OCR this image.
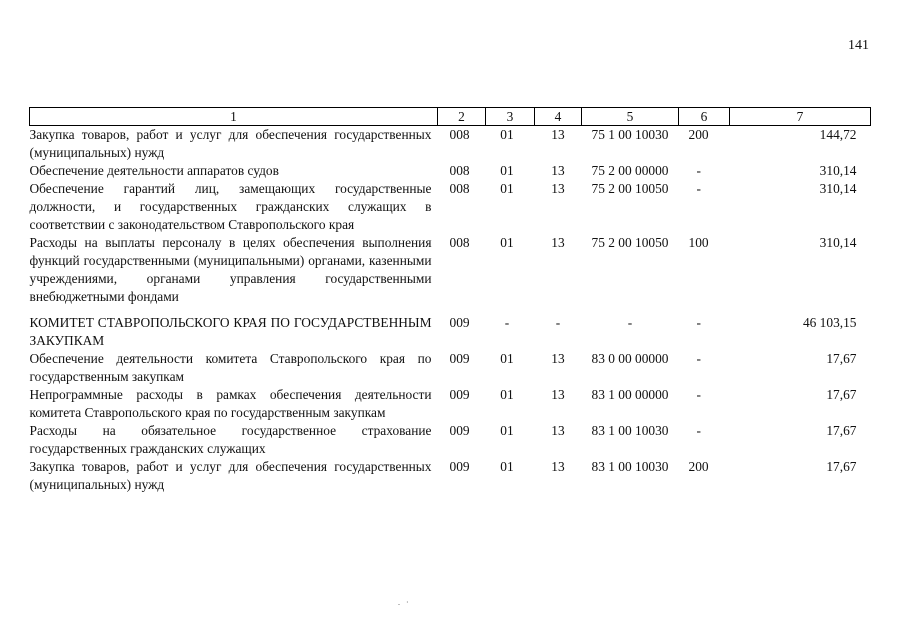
141
1	2	3	4	5	6	7
Закупка товаров, работ и услуг для обеспечения государственных (муниципальных) нужд	008	01	13	75 1 00 10030	200	144,72
Обеспечение деятельности аппаратов судов	008	01	13	75 2 00 00000	-	310,14
Обеспечение гарантий лиц, замещающих государственные должности, и государственных гражданских служащих в соответствии с законодательством Ставропольского края	008	01	13	75 2 00 10050	-	310,14
Расходы на выплаты персоналу в целях обеспечения выполнения функций государственными (муниципальными) органами, казенными учреждениями, органами управления государственными внебюджетными фондами	008	01	13	75 2 00 10050	100	310,14
КОМИТЕТ СТАВРОПОЛЬСКОГО КРАЯ ПО ГОСУДАРСТВЕННЫМ ЗАКУПКАМ	009	-	-	-	-	46 103,15
Обеспечение деятельности комитета Ставропольского края по государственным закупкам	009	01	13	83 0 00 00000	-	17,67
Непрограммные расходы в рамках обеспечения деятельности комитета Ставропольского края по государственным закупкам	009	01	13	83 1 00 00000	-	17,67
Расходы на обязательное государственное страхование государственных гражданских служащих	009	01	13	83 1 00 10030	-	17,67
Закупка товаров, работ и услуг для обеспечения государственных (муниципальных) нужд	009	01	13	83 1 00 10030	200	17,67
.   ·
